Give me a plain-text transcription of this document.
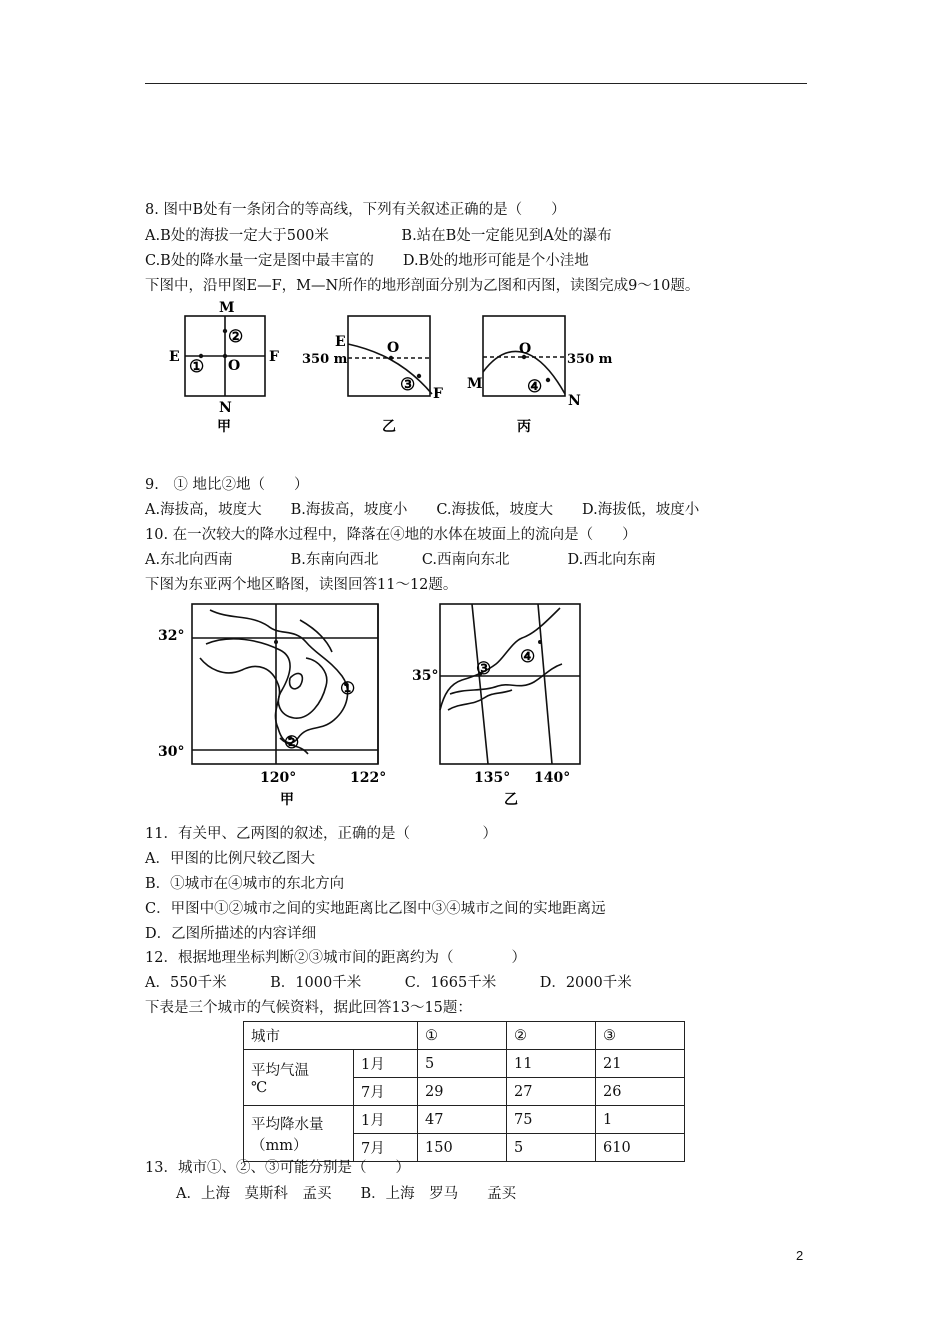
8. 图中B处有一条闭合的等高线，下列有关叙述正确的是（　　）
A.B处的海拔一定大于500米　　　　　B.站在B处一定能见到A处的瀑布
C.B处的降水量一定是图中最丰富的　　D.B处的地形可能是个小洼地
下图中，沿甲图E—F，M—N所作的地形剖面分别为乙图和丙图，读图完成9～10题。
M
N
E	F
O
①
②
甲
E
F
O
③
350 m
乙
M
N
O
④
350 m
丙
9.　① 地比②地（　　）
A.海拔高，坡度大　　B.海拔高，坡度小　　C.海拔低，坡度大　　D.海拔低，坡度小
10. 在一次较大的降水过程中，降落在④地的水体在坡面上的流向是（　　）
A.东北向西南　　　　B.东南向西北　　　C.西南向东北　　　　D.西北向东南
下图为东亚两个地区略图，读图回答11～12题。
32°
30°
120°	122°
①
②
甲
35°
135° 140°
③
④
乙
11．有关甲、乙两图的叙述，正确的是（　　　　　）
A．甲图的比例尺较乙图大
B．①城市在④城市的东北方向
C．甲图中①②城市之间的实地距离比乙图中③④城市之间的实地距离远
D．乙图所描述的内容详细
12．根据地理坐标判断②③城市间的距离约为（　　　　）
A．550千米　　　B．1000千米　　　C．1665千米　　　D．2000千米
下表是三个城市的气候资料，据此回答13～15题：
城市		①	②	③
平均气温
℃	1月	5	11	21
	7月	29	27	26
平均降水量
（mm）	1月	47	75	1
	7月	150	5	610
13．城市①、②、③可能分别是（　　）
A．上海　莫斯科　孟买　　B．上海　罗马　　孟买
2
